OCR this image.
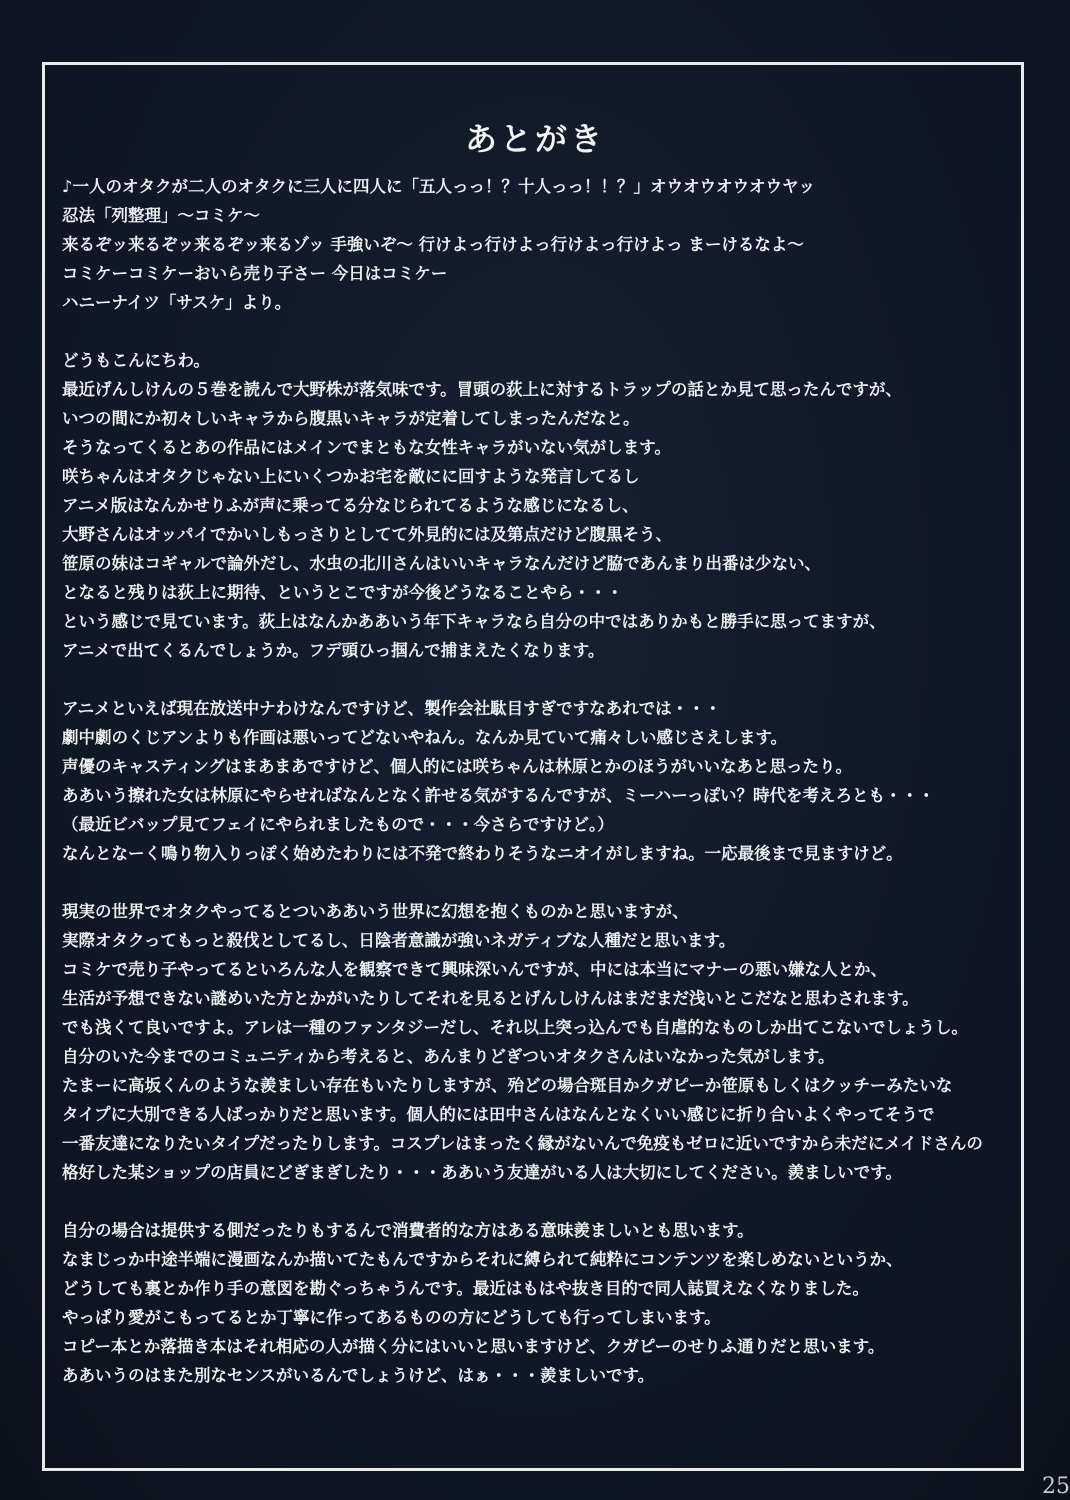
あとがき
♪一人のオタクが二人のオタクに三人に四人に「五人っっ！？十人っっ！！？」オウオウオウオウヤッ
忍法「列整理」～コミケ～
来るぞッ来るぞッ来るぞッ来るゾッ 手強いぞ～ 行けよっ行けよっ行けよっ行けよっ まーけるなよ～
コミケーコミケーおいら売り子さー 今日はコミケー
ハニーナイツ「サスケ」より。
どうもこんにちわ。
最近げんしけんの５巻を読んで大野株が落気味です。冒頭の荻上に対するトラップの話とか見て思ったんですが、
いつの間にか初々しいキャラから腹黒いキャラが定着してしまったんだなと。
そうなってくるとあの作品にはメインでまともな女性キャラがいない気がします。
咲ちゃんはオタクじゃない上にいくつかお宅を敵にに回すような発言してるし
アニメ版はなんかせりふが声に乗ってる分なじられてるような感じになるし、
大野さんはオッパイでかいしもっさりとしてて外見的には及第点だけど腹黒そう、
笹原の妹はコギャルで論外だし、水虫の北川さんはいいキャラなんだけど脇であんまり出番は少ない、
となると残りは荻上に期待、というとこですが今後どうなることやら・・・
という感じで見ています。荻上はなんかああいう年下キャラなら自分の中ではありかもと勝手に思ってますが、
アニメで出てくるんでしょうか。フデ頭ひっ掴んで捕まえたくなります。
アニメといえば現在放送中ナわけなんですけど、製作会社駄目すぎですなあれでは・・・
劇中劇のくじアンよりも作画は悪いってどないやねん。なんか見ていて痛々しい感じさえします。
声優のキャスティングはまあまあですけど、個人的には咲ちゃんは林原とかのほうがいいなあと思ったり。
ああいう擦れた女は林原にやらせればなんとなく許せる気がするんですが、ミーハーっぽい？時代を考えろとも・・・
（最近ビバップ見てフェイにやられましたもので・・・今さらですけど。）
なんとなーく鳴り物入りっぽく始めたわりには不発で終わりそうなニオイがしますね。一応最後まで見ますけど。
現実の世界でオタクやってるとついああいう世界に幻想を抱くものかと思いますが、
実際オタクってもっと殺伐としてるし、日陰者意識が強いネガティブな人種だと思います。
コミケで売り子やってるといろんな人を観察できて興味深いんですが、中には本当にマナーの悪い嫌な人とか、
生活が予想できない謎めいた方とかがいたりしてそれを見るとげんしけんはまだまだ浅いとこだなと思わされます。
でも浅くて良いですよ。アレは一種のファンタジーだし、それ以上突っ込んでも自虐的なものしか出てこないでしょうし。
自分のいた今までのコミュニティから考えると、あんまりどぎついオタクさんはいなかった気がします。
たまーに高坂くんのような羨ましい存在もいたりしますが、殆どの場合斑目かクガピーか笹原もしくはクッチーみたいな
タイプに大別できる人ばっかりだと思います。個人的には田中さんはなんとなくいい感じに折り合いよくやってそうで
一番友達になりたいタイプだったりします。コスプレはまったく縁がないんで免疫もゼロに近いですから未だにメイドさんの
格好した某ショップの店員にどぎまぎしたり・・・ああいう友達がいる人は大切にしてください。羨ましいです。
自分の場合は提供する側だったりもするんで消費者的な方はある意味羨ましいとも思います。
なまじっか中途半端に漫画なんか描いてたもんですからそれに縛られて純粋にコンテンツを楽しめないというか、
どうしても裏とか作り手の意図を勘ぐっちゃうんです。最近はもはや抜き目的で同人誌買えなくなりました。
やっぱり愛がこもってるとか丁寧に作ってあるものの方にどうしても行ってしまいます。
コピー本とか落描き本はそれ相応の人が描く分にはいいと思いますけど、クガピーのせりふ通りだと思います。
ああいうのはまた別なセンスがいるんでしょうけど、はぁ・・・羨ましいです。
25
